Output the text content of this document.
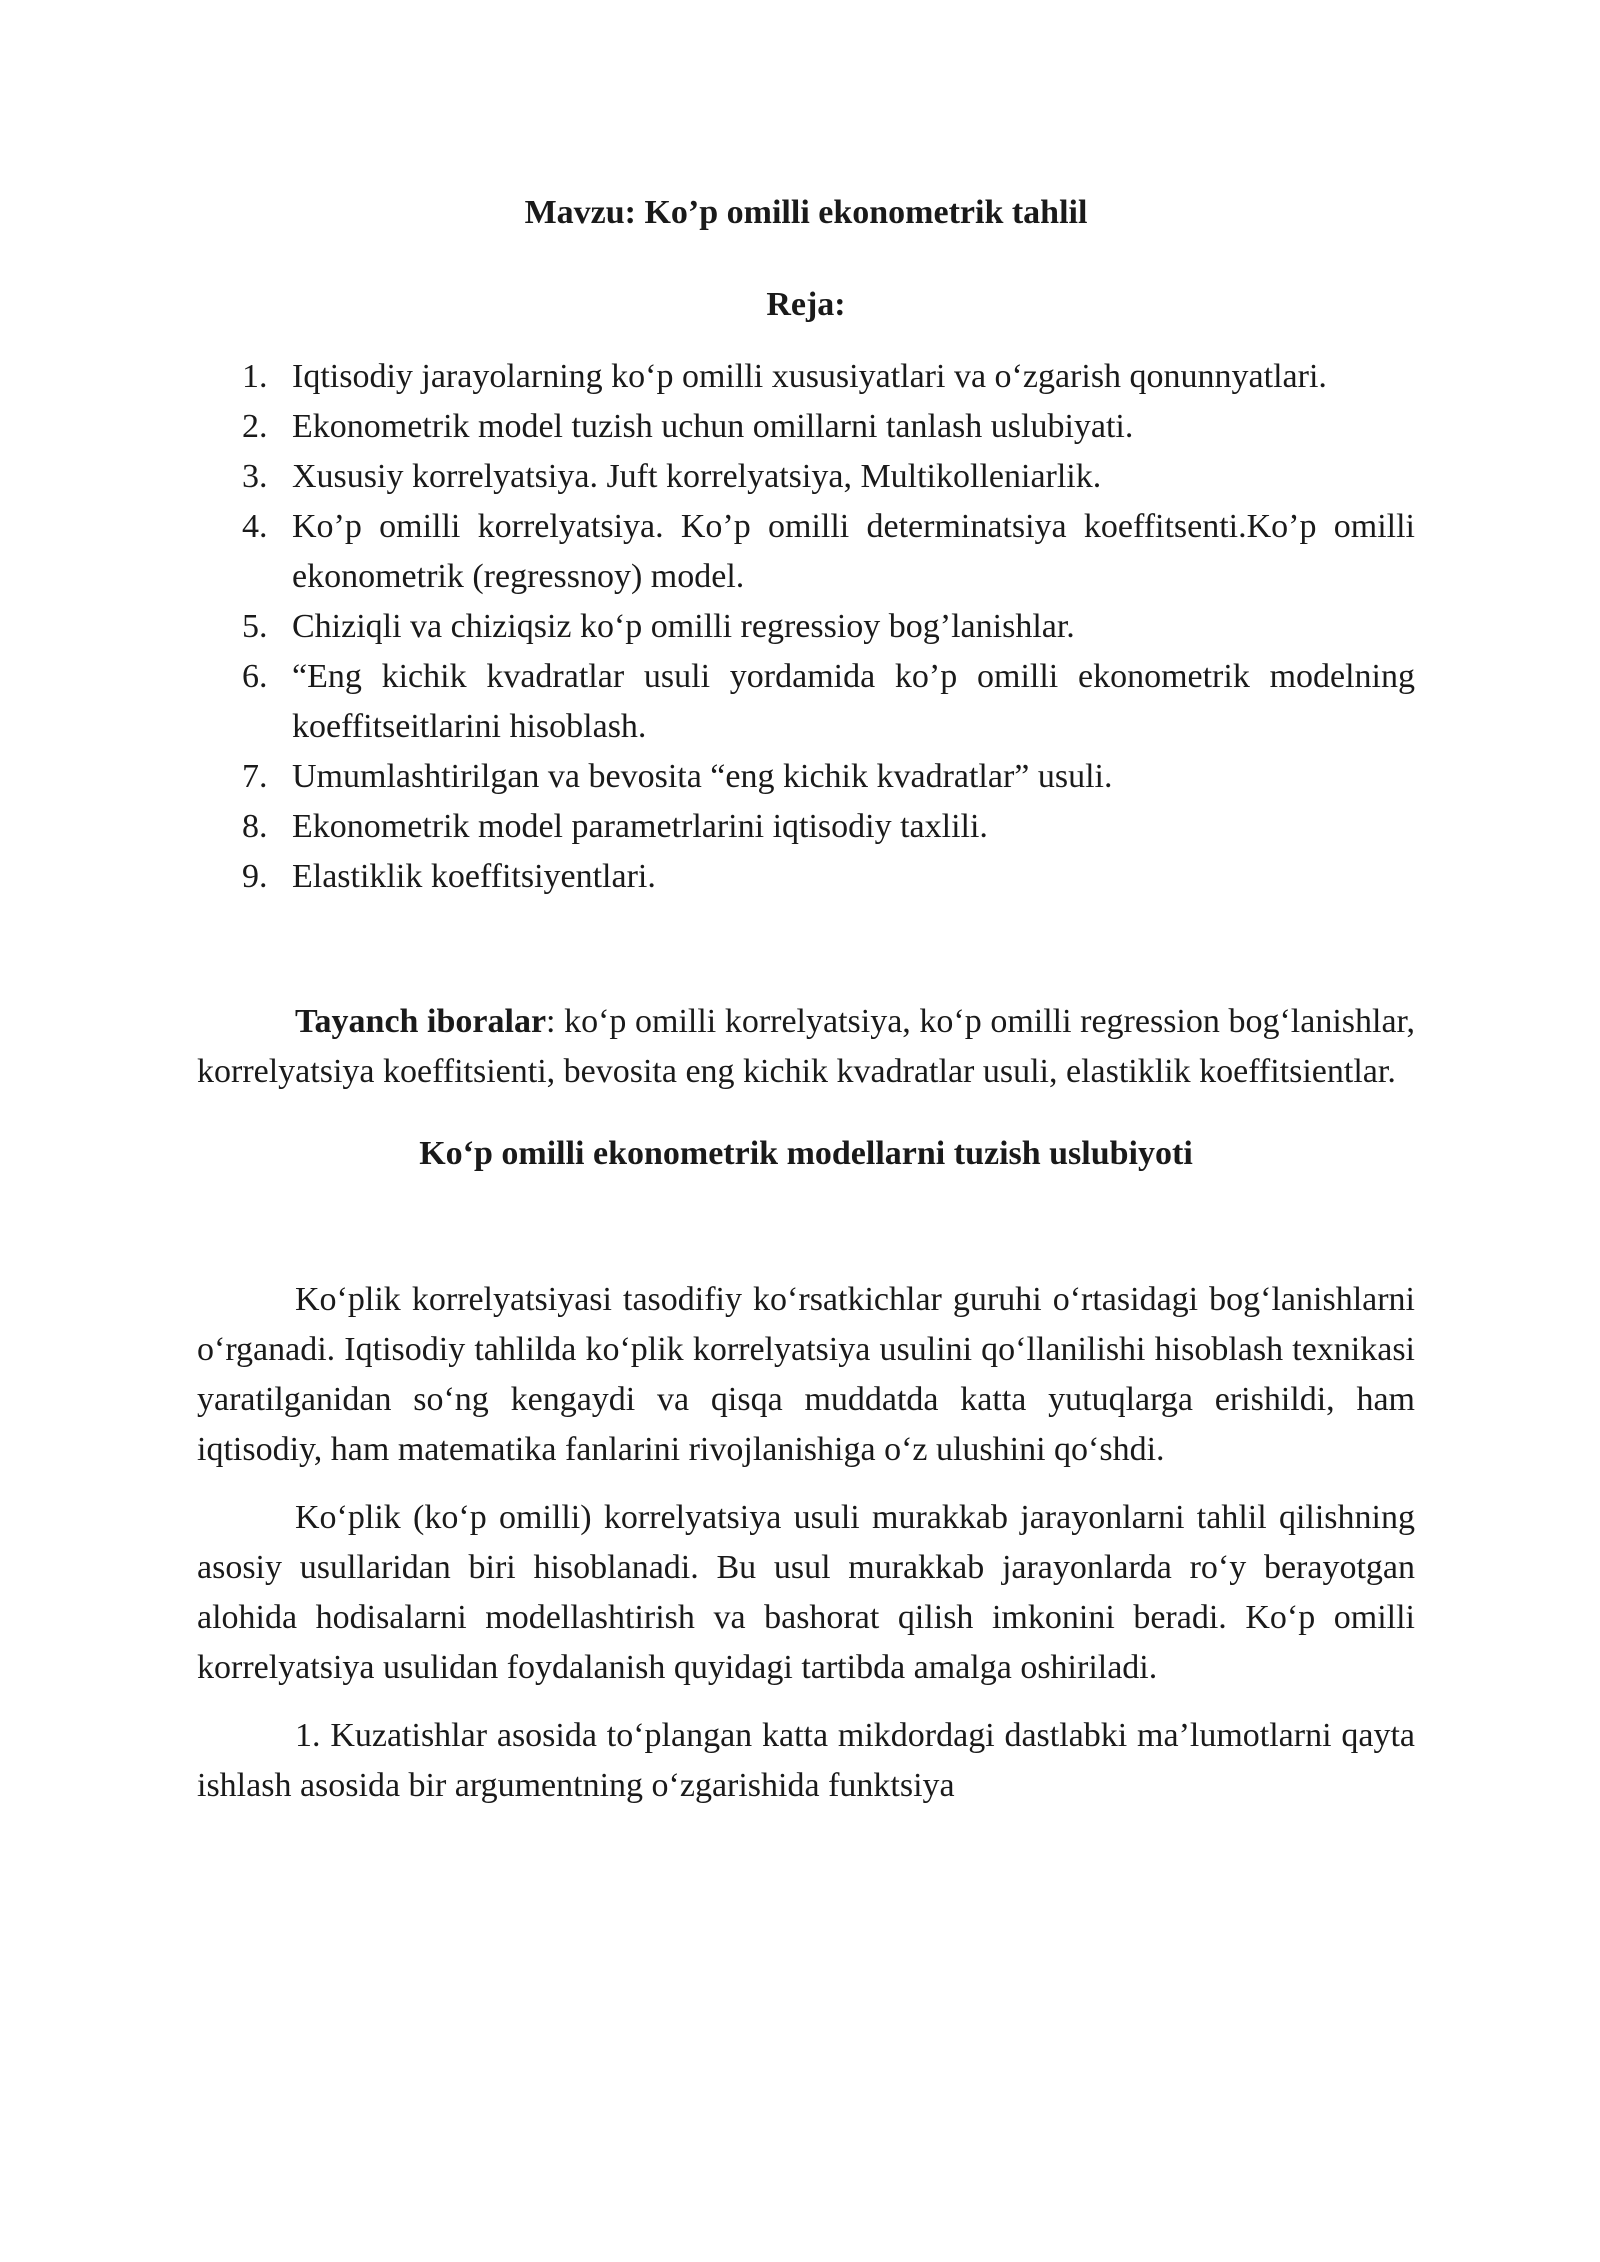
Mavzu: Ko’p omilli ekonometrik tahlil

Reja:

1. Iqtisodiy jarayolarning ko‘p omilli xususiyatlari va o‘zgarish qonunnyatlari.
2. Ekonometrik model tuzish uchun omillarni tanlash uslubiyati.
3. Xususiy korrelyatsiya. Juft korrelyatsiya, Multikolleniarlik.
4. Ko’p omilli korrelyatsiya. Ko’p omilli determinatsiya koeffitsenti.Ko’p omilli ekonometrik (regressnoy) model.
5. Chiziqli va chiziqsiz ko‘p omilli regressioy bog’lanishlar.
6. “Eng kichik kvadratlar usuli yordamida ko’p omilli ekonometrik modelning koeffitseitlarini hisoblash.
7. Umumlashtirilgan va bevosita “eng kichik kvadratlar” usuli.
8. Ekonometrik model parametrlarini iqtisodiy taxlili.
9. Elastiklik koeffitsiyentlari.

Tayanch iboralar: ko‘p omilli korrelyatsiya, ko‘p omilli regression bog‘lanishlar, korrelyatsiya koeffitsienti, bevosita eng kichik kvadratlar usuli, elastiklik koeffitsientlar.

Ko‘p omilli ekonometrik modellarni tuzish uslubiyoti

Ko‘plik korrelyatsiyasi tasodifiy ko‘rsatkichlar guruhi o‘rtasidagi bog‘lanishlarni o‘rganadi. Iqtisodiy tahlilda ko‘plik korrelyatsiya usulini qo‘llanilishi hisoblash texnikasi yaratilganidan so‘ng kengaydi va qisqa muddatda katta yutuqlarga erishildi, ham iqtisodiy, ham matematika fanlarini rivojlanishiga o‘z ulushini qo‘shdi.

Ko‘plik (ko‘p omilli) korrelyatsiya usuli murakkab jarayonlarni tahlil qilishning asosiy usullaridan biri hisoblanadi. Bu usul murakkab jarayonlarda ro‘y berayotgan alohida hodisalarni modellashtirish va bashorat qilish imkonini beradi. Ko‘p omilli korrelyatsiya usulidan foydalanish quyidagi tartibda amalga oshiriladi.

1. Kuzatishlar asosida to‘plangan katta mikdordagi dastlabki ma’lumotlarni qayta ishlash asosida bir argumentning o‘zgarishida funktsiya
